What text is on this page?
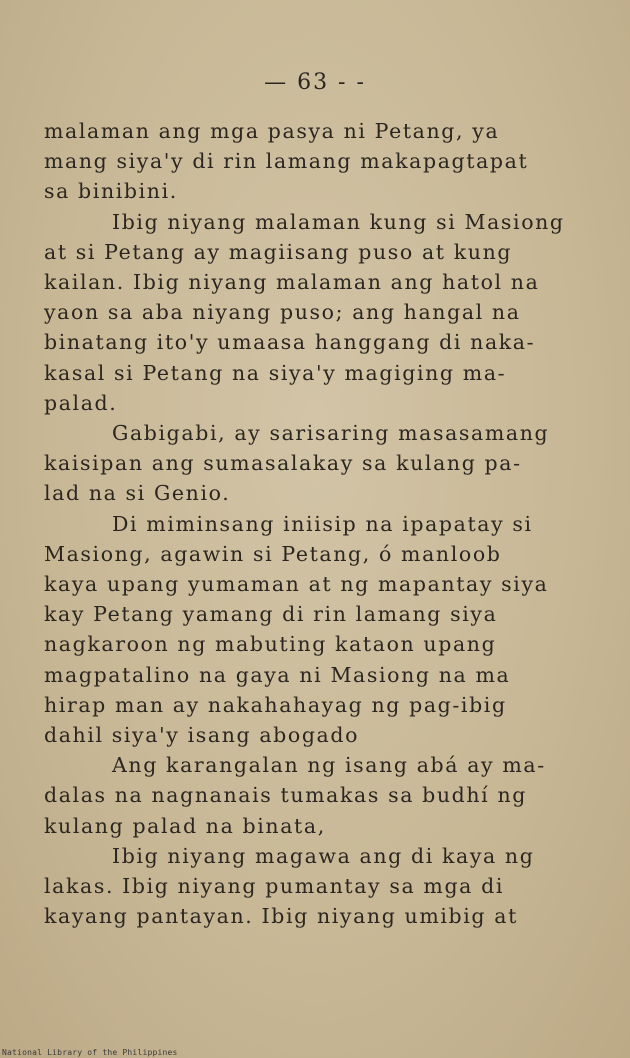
— 63 - -
malaman ang mga pasya ni Petang, ya
mang siya'y di rin lamang makapagtapat
sa binibini.
Ibig niyang malaman kung si Masiong
at si Petang ay magiisang puso at kung
kailan. Ibig niyang malaman ang hatol na
yaon sa aba niyang puso; ang hangal na
binatang ito'y umaasa hanggang di naka-
kasal si Petang na siya'y magiging ma-
palad.
Gabigabi, ay sarisaring masasamang
kaisipan ang sumasalakay sa kulang pa-
lad na si Genio.
Di miminsang iniisip na ipapatay si
Masiong, agawin si Petang, ó manloob
kaya upang yumaman at ng mapantay siya
kay Petang yamang di rin lamang siya
nagkaroon ng mabuting kataon upang
magpatalino na gaya ni Masiong na ma
hirap man ay nakahahayag ng pag-ibig
dahil siya'y isang abogado
Ang karangalan ng isang abá ay ma-
dalas na nagnanais tumakas sa budhí ng
kulang palad na binata,
Ibig niyang magawa ang di kaya ng
lakas. Ibig niyang pumantay sa mga di
kayang pantayan. Ibig niyang umibig at
National Library of the Philippines
